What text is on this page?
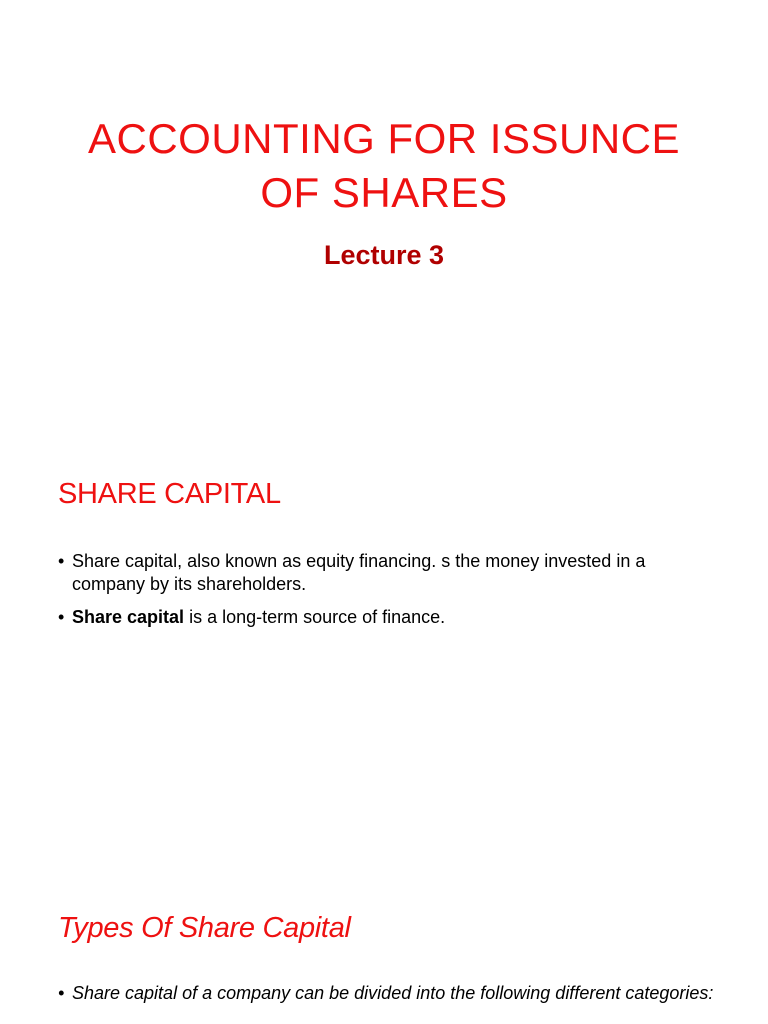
ACCOUNTING FOR ISSUNCE
OF SHARES

Lecture 3

SHARE CAPITAL
• Share capital, also known as equity financing. s the money invested in a company by its shareholders.
• Share capital is a long-term source of finance.
Types Of Share Capital
• Share capital of a company can be divided into the following different categories:
